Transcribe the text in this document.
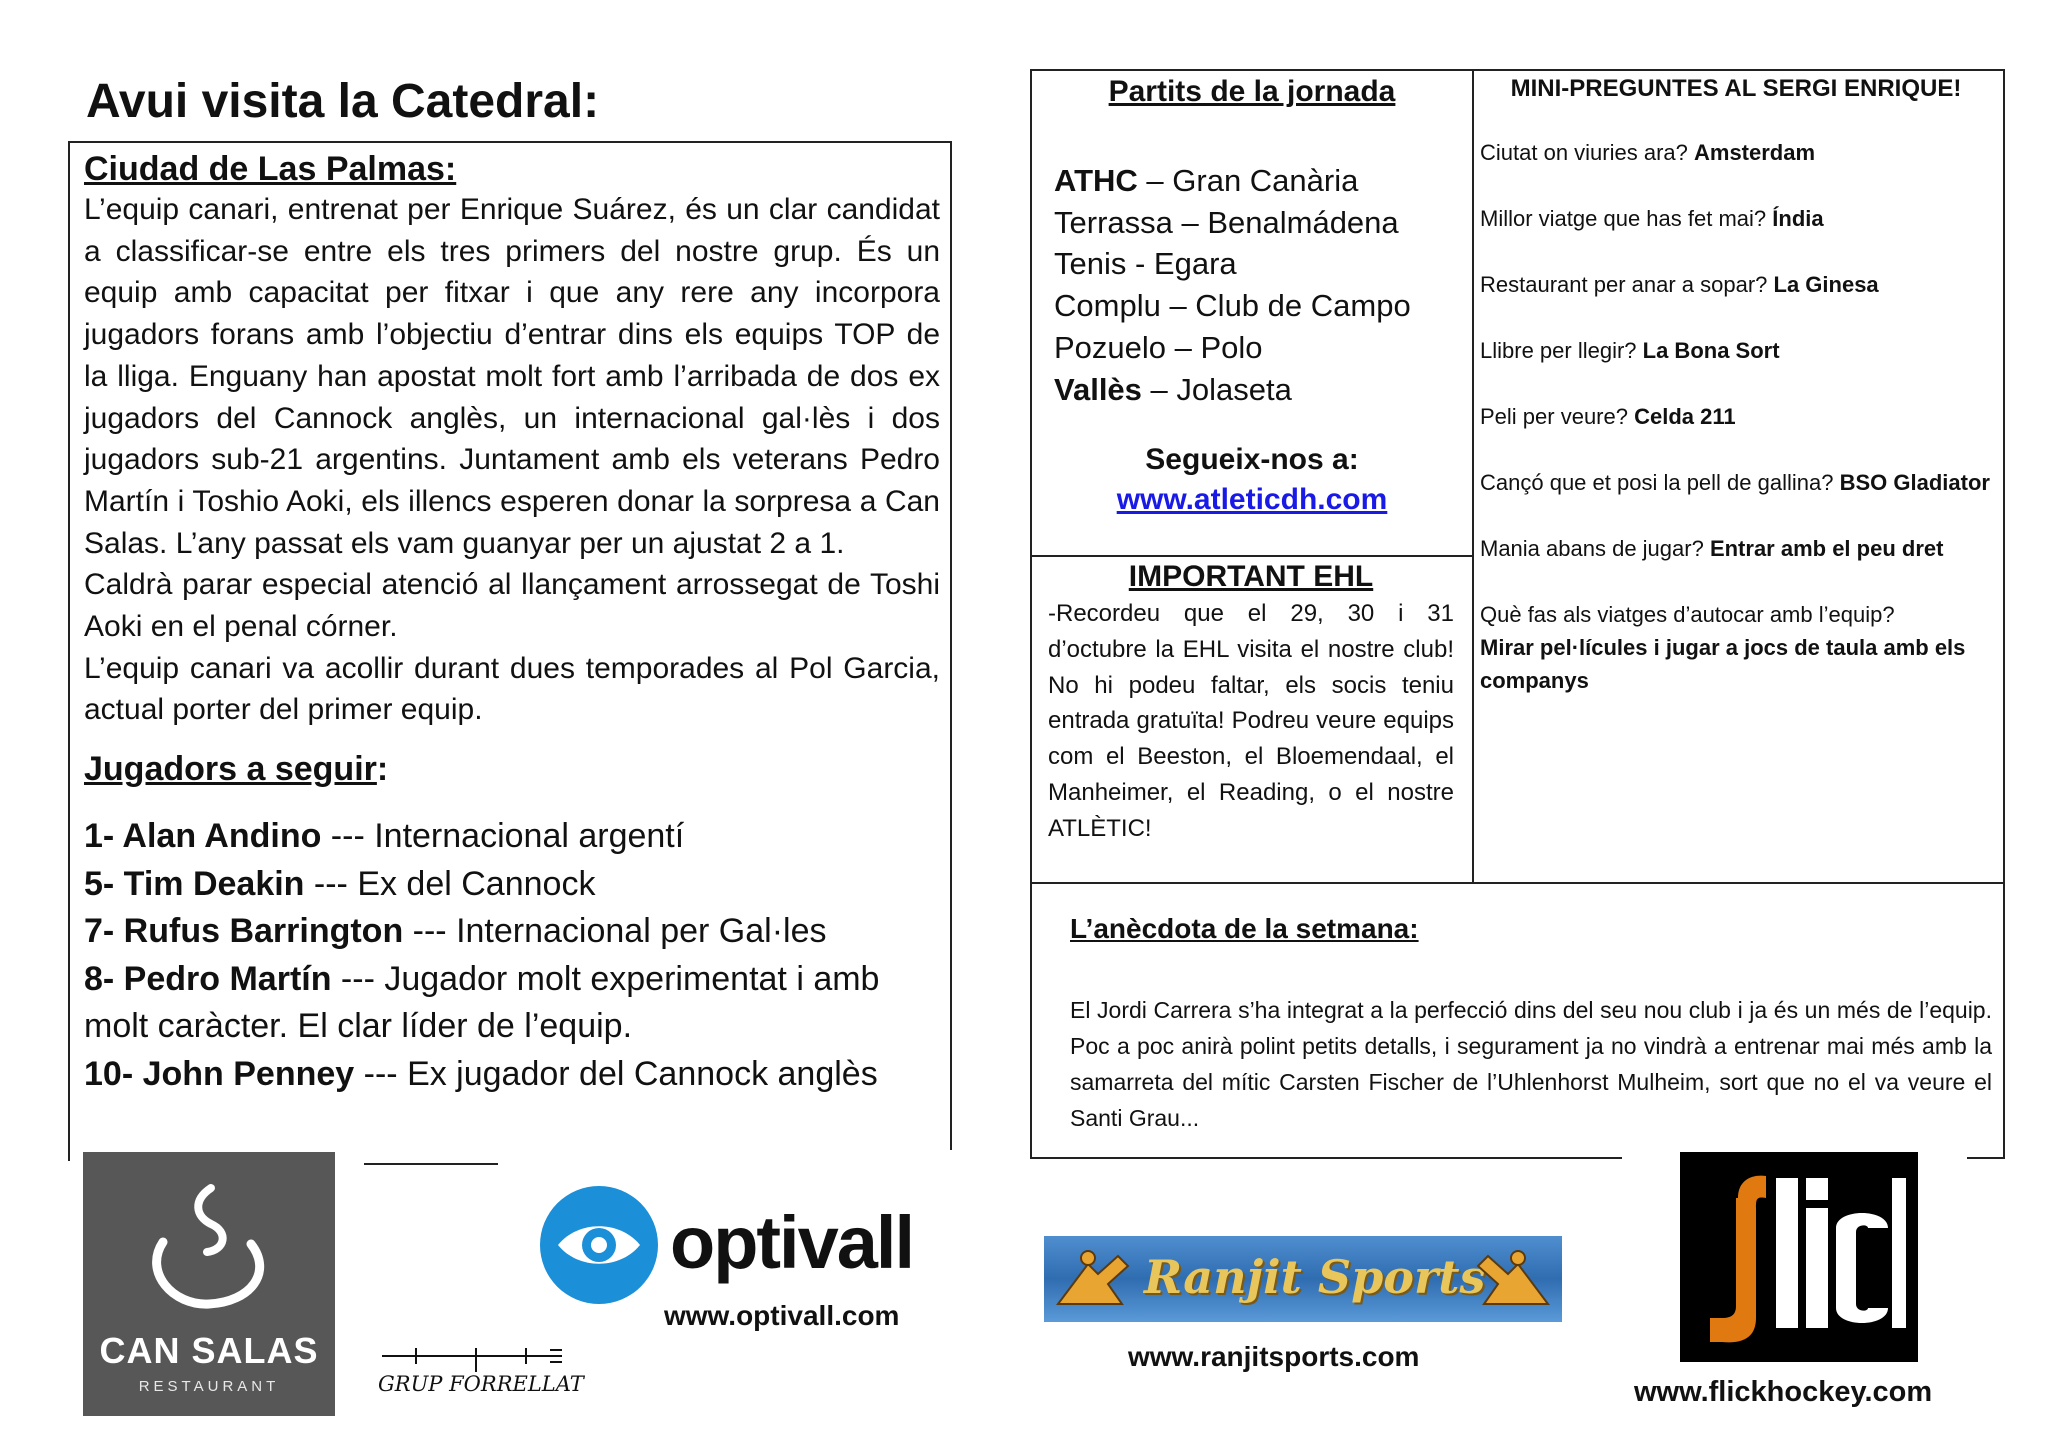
Avui visita la Catedral:
Ciudad de Las Palmas:

L’equip canari, entrenat per Enrique Suárez, és un clar candidat a classificar-se entre els tres primers del nostre grup. És un equip amb capacitat per fitxar i que any rere any incorpora jugadors forans amb l’objectiu d’entrar dins els equips TOP de la lliga. Enguany han apostat molt fort amb l’arribada de dos ex jugadors del Cannock anglès, un internacional gal·lès i dos jugadors sub-21 argentins. Juntament amb els veterans Pedro Martín i Toshio Aoki, els illencs esperen donar la sorpresa a Can Salas. L’any passat els vam guanyar per un ajustat 2 a 1.

Caldrà parar especial atenció al llançament arrossegat de Toshi Aoki en el penal córner.

L’equip canari va acollir durant dues temporades al Pol Garcia, actual porter del primer equip.

Jugadors a seguir:
1- Alan Andino --- Internacional argentí
5- Tim Deakin --- Ex del Cannock
7- Rufus Barrington --- Internacional per Gal·les
8- Pedro Martín --- Jugador molt experimentat i amb molt caràcter. El clar líder de l’equip.
10- John Penney --- Ex jugador del Cannock anglès
Partits de la jornada
ATHC – Gran Canària
Terrassa – Benalmádena
Tenis - Egara
Complu – Club de Campo
Pozuelo – Polo
Vallès – Jolaseta
Segueix-nos a:
www.atleticdh.com
IMPORTANT EHL

-Recordeu que el 29, 30 i 31 d’octubre la EHL visita el nostre club! No hi podeu faltar, els socis teniu entrada gratuïta! Podreu veure equips com el Beeston, el Bloemendaal, el Manheimer, el Reading, o el nostre ATLÈTIC!

MINI-PREGUNTES AL SERGI ENRIQUE!
Ciutat on viuries ara? Amsterdam
Millor viatge que has fet mai? Índia
Restaurant per anar a sopar? La Ginesa
Llibre per llegir? La Bona Sort
Peli per veure? Celda 211
Cançó que et posi la pell de gallina? BSO Gladiator
Mania abans de jugar? Entrar amb el peu dret
Què fas als viatges d’autocar amb l’equip?
Mirar pel·lícules i jugar a jocs de taula amb els companys
L’anècdota de la setmana:

El Jordi Carrera s’ha integrat a la perfecció dins del seu nou club i ja és un més de l’equip. Poc a poc anirà polint petits detalls, i segurament ja no vindrà a entrenar mai més amb la samarreta del mític Carsten Fischer de l’Uhlenhorst Mulheim, sort que no el va veure el Santi Grau...

CAN SALAS
RESTAURANT	GRUP FORRELLAT
optivall
www.optivall.com
Ranjit Sports
www.ranjitsports.com
www.flickhockey.com
